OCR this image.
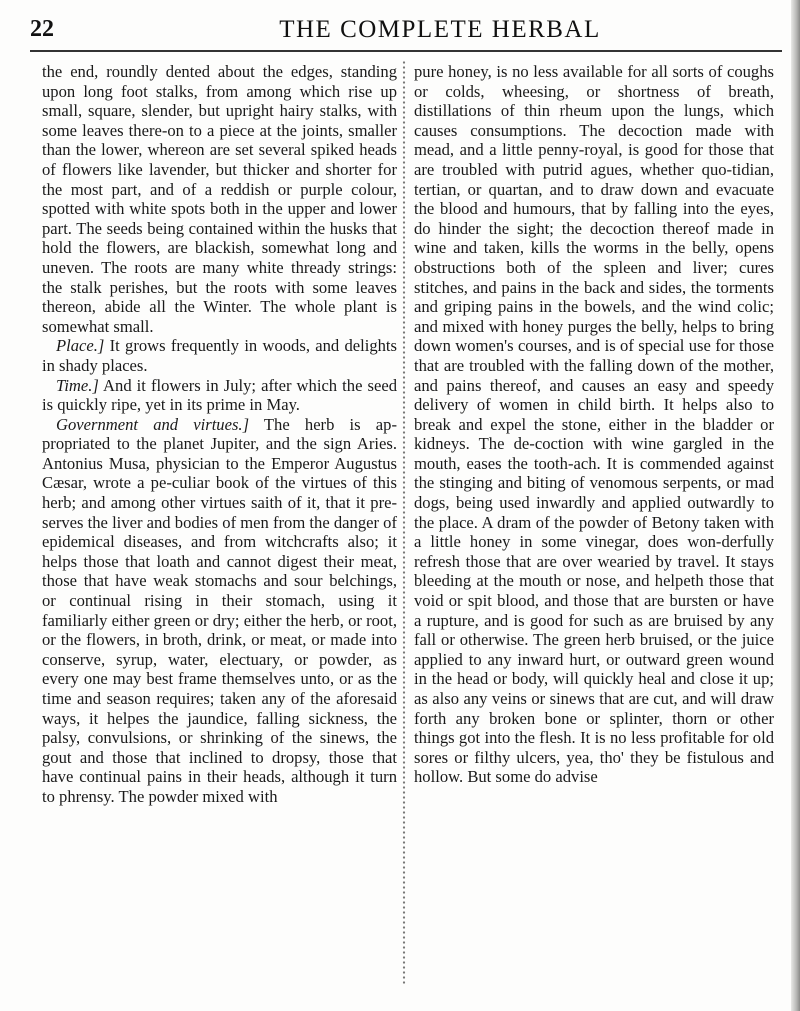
22	THE COMPLETE HERBAL

the end, roundly dented about the edges, standing upon long foot stalks, from among which rise up small, square, slender, but upright hairy stalks, with some leaves there-on to a piece at the joints, smaller than the lower, whereon are set several spiked heads of flowers like lavender, but thicker and shorter for the most part, and of a reddish or purple colour, spotted with white spots both in the upper and lower part. The seeds being contained within the husks that hold the flowers, are blackish, somewhat long and uneven. The roots are many white thready strings: the stalk perishes, but the roots with some leaves thereon, abide all the Winter. The whole plant is somewhat small.

Place.] It grows frequently in woods, and delights in shady places.

Time.] And it flowers in July; after which the seed is quickly ripe, yet in its prime in May.

Government and virtues.] The herb is ap-propriated to the planet Jupiter, and the sign Aries. Antonius Musa, physician to the Emperor Augustus Cæsar, wrote a pe-culiar book of the virtues of this herb; and among other virtues saith of it, that it pre-serves the liver and bodies of men from the danger of epidemical diseases, and from witchcrafts also; it helps those that loath and cannot digest their meat, those that have weak stomachs and sour belchings, or continual rising in their stomach, using it familiarly either green or dry; either the herb, or root, or the flowers, in broth, drink, or meat, or made into conserve, syrup, water, electuary, or powder, as every one may best frame themselves unto, or as the time and season requires; taken any of the aforesaid ways, it helpes the jaundice, falling sickness, the palsy, convulsions, or shrinking of the sinews, the gout and those that inclined to dropsy, those that have continual pains in their heads, although it turn to phrensy. The powder mixed with

pure honey, is no less available for all sorts of coughs or colds, wheesing, or shortness of breath, distillations of thin rheum upon the lungs, which causes consumptions. The decoction made with mead, and a little penny-royal, is good for those that are troubled with putrid agues, whether quo-tidian, tertian, or quartan, and to draw down and evacuate the blood and humours, that by falling into the eyes, do hinder the sight; the decoction thereof made in wine and taken, kills the worms in the belly, opens obstructions both of the spleen and liver; cures stitches, and pains in the back and sides, the torments and griping pains in the bowels, and the wind colic; and mixed with honey purges the belly, helps to bring down women's courses, and is of special use for those that are troubled with the falling down of the mother, and pains thereof, and causes an easy and speedy delivery of women in child birth. It helps also to break and expel the stone, either in the bladder or kidneys. The de-coction with wine gargled in the mouth, eases the tooth-ach. It is commended against the stinging and biting of venomous serpents, or mad dogs, being used inwardly and applied outwardly to the place. A dram of the powder of Betony taken with a little honey in some vinegar, does won-derfully refresh those that are over wearied by travel. It stays bleeding at the mouth or nose, and helpeth those that void or spit blood, and those that are bursten or have a rupture, and is good for such as are bruised by any fall or otherwise. The green herb bruised, or the juice applied to any inward hurt, or outward green wound in the head or body, will quickly heal and close it up; as also any veins or sinews that are cut, and will draw forth any broken bone or splinter, thorn or other things got into the flesh. It is no less profitable for old sores or filthy ulcers, yea, tho' they be fistulous and hollow. But some do advise
